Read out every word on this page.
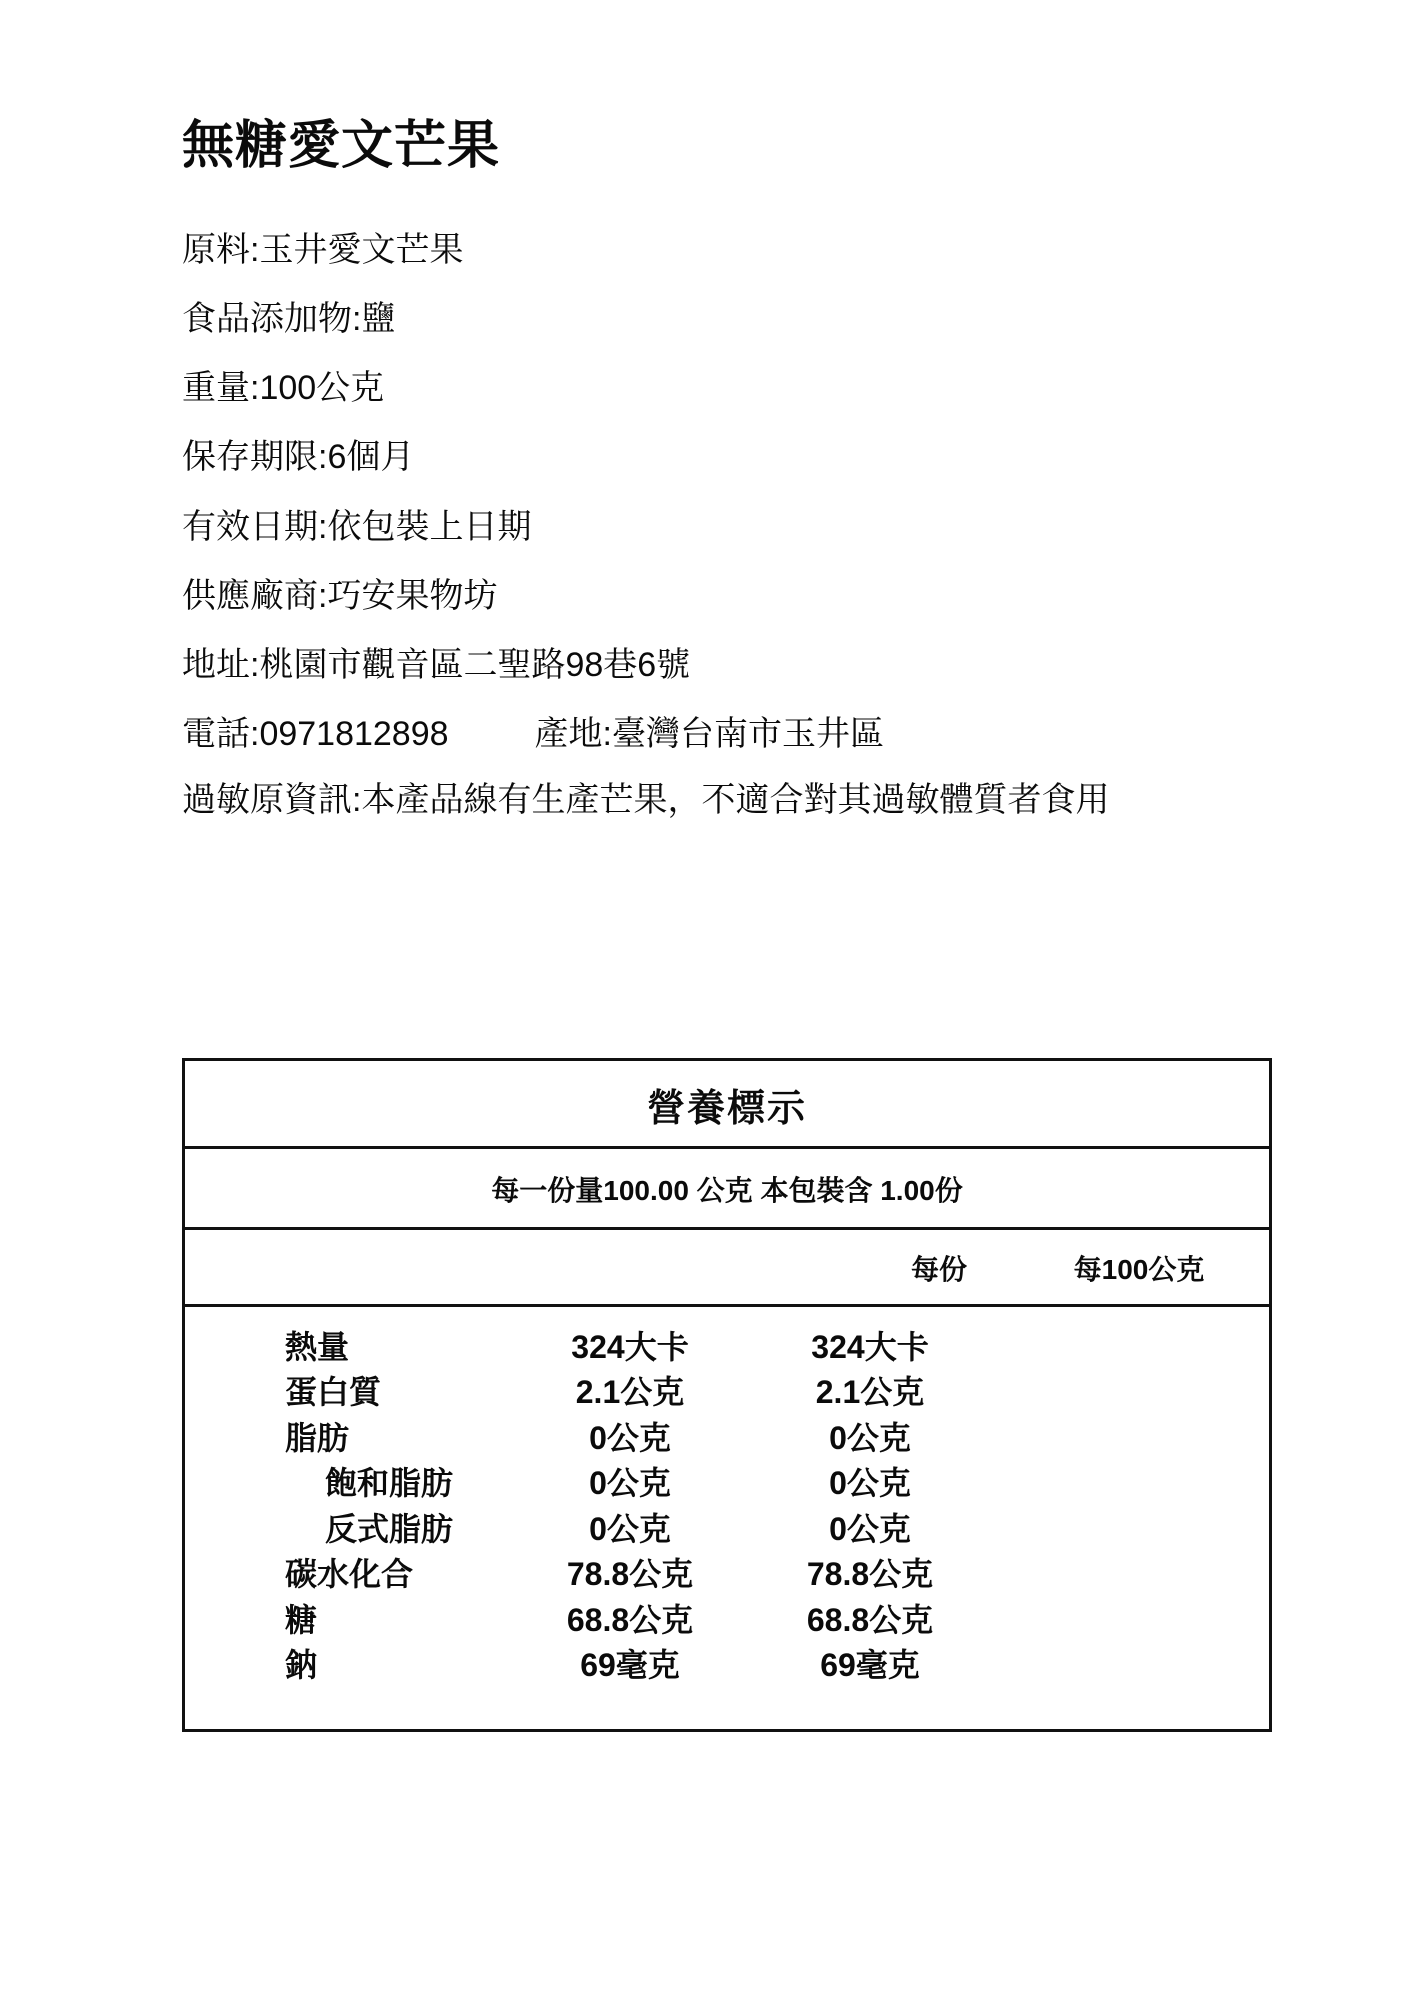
無糖愛文芒果
原料:玉井愛文芒果
食品添加物:鹽
重量:100公克
保存期限:6個月
有效日期:依包裝上日期
供應廠商:巧安果物坊
地址:桃園市觀音區二聖路98巷6號
電話:0971812898	產地:臺灣台南市玉井區
過敏原資訊:本產品線有生產芒果，不適合對其過敏體質者食用
營養標示
每一份量100.00 公克 本包裝含 1.00份
每份	每100公克
熱量	324大卡	324大卡
蛋白質	2.1公克	2.1公克
脂肪	0公克	0公克
飽和脂肪	0公克	0公克
反式脂肪	0公克	0公克
碳水化合	78.8公克	78.8公克
糖	68.8公克	68.8公克
鈉	69毫克	69毫克
